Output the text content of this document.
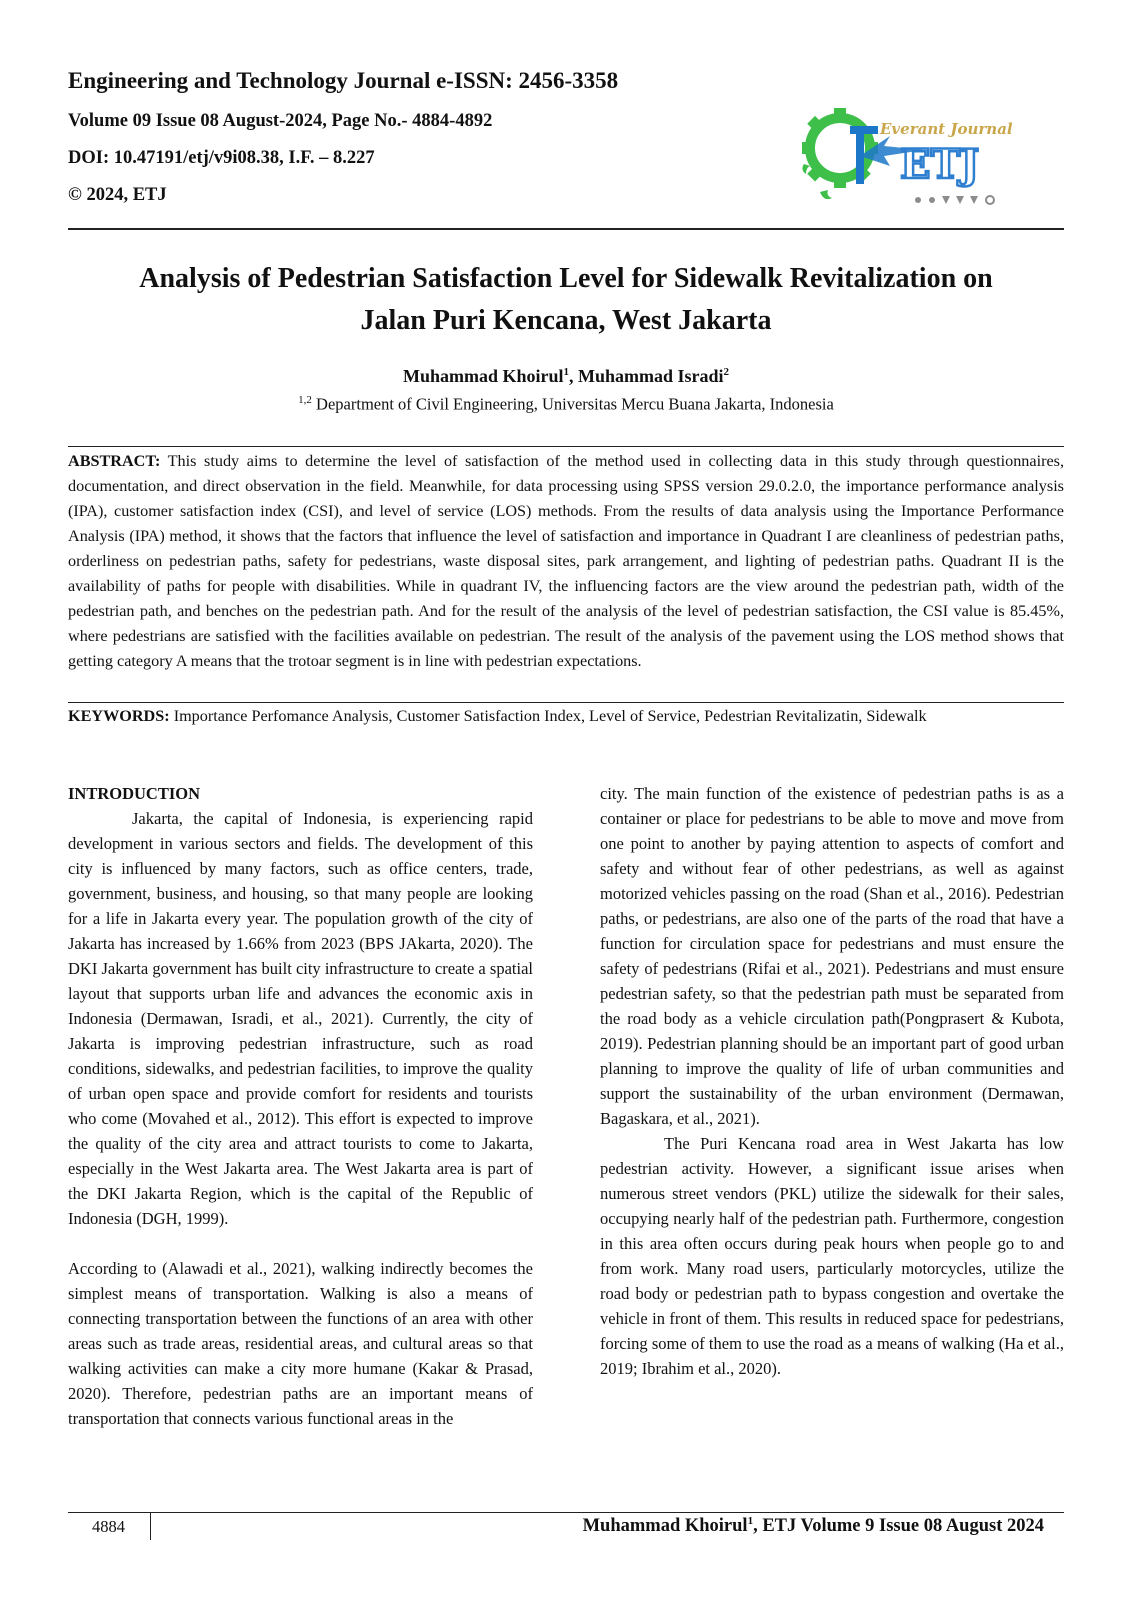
Engineering and Technology Journal e-ISSN: 2456-3358

Volume 09 Issue 08 August-2024, Page No.- 4884-4892

DOI: 10.47191/etj/v9i08.38, I.F. – 8.227

© 2024, ETJ

Everant Journal
ETJ
Analysis of Pedestrian Satisfaction Level for Sidewalk Revitalization on
Jalan Puri Kencana, West Jakarta

Muhammad Khoirul$^1$, Muhammad Isradi$^2$

$^{1,2}$ Department of Civil Engineering, Universitas Mercu Buana Jakarta, Indonesia

ABSTRACT: This study aims to determine the level of satisfaction of the method used in collecting data in this study through questionnaires, documentation, and direct observation in the field. Meanwhile, for data processing using SPSS version 29.0.2.0, the importance performance analysis (IPA), customer satisfaction index (CSI), and level of service (LOS) methods. From the results of data analysis using the Importance Performance Analysis (IPA) method, it shows that the factors that influence the level of satisfaction and importance in Quadrant I are cleanliness of pedestrian paths, orderliness on pedestrian paths, safety for pedestrians, waste disposal sites, park arrangement, and lighting of pedestrian paths. Quadrant II is the availability of paths for people with disabilities. While in quadrant IV, the influencing factors are the view around the pedestrian path, width of the pedestrian path, and benches on the pedestrian path. And for the result of the analysis of the level of pedestrian satisfaction, the CSI value is 85.45%, where pedestrians are satisfied with the facilities available on pedestrian. The result of the analysis of the pavement using the LOS method shows that getting category A means that the trotoar segment is in line with pedestrian expectations.

KEYWORDS: Importance Perfomance Analysis, Customer Satisfaction Index, Level of Service, Pedestrian Revitalizatin, Sidewalk

INTRODUCTION

Jakarta, the capital of Indonesia, is experiencing rapid development in various sectors and fields. The development of this city is influenced by many factors, such as office centers, trade, government, business, and housing, so that many people are looking for a life in Jakarta every year. The population growth of the city of Jakarta has increased by 1.66% from 2023 (BPS JAkarta, 2020). The DKI Jakarta government has built city infrastructure to create a spatial layout that supports urban life and advances the economic axis in Indonesia (Dermawan, Isradi, et al., 2021). Currently, the city of Jakarta is improving pedestrian infrastructure, such as road conditions, sidewalks, and pedestrian facilities, to improve the quality of urban open space and provide comfort for residents and tourists who come (Movahed et al., 2012). This effort is expected to improve the quality of the city area and attract tourists to come to Jakarta, especially in the West Jakarta area. The West Jakarta area is part of the DKI Jakarta Region, which is the capital of the Republic of Indonesia (DGH, 1999).

According to (Alawadi et al., 2021), walking indirectly becomes the simplest means of transportation. Walking is also a means of connecting transportation between the functions of an area with other areas such as trade areas, residential areas, and cultural areas so that walking activities can make a city more humane (Kakar & Prasad, 2020). Therefore, pedestrian paths are an important means of transportation that connects various functional areas in the

city. The main function of the existence of pedestrian paths is as a container or place for pedestrians to be able to move and move from one point to another by paying attention to aspects of comfort and safety and without fear of other pedestrians, as well as against motorized vehicles passing on the road (Shan et al., 2016). Pedestrian paths, or pedestrians, are also one of the parts of the road that have a function for circulation space for pedestrians and must ensure the safety of pedestrians (Rifai et al., 2021). Pedestrians and must ensure pedestrian safety, so that the pedestrian path must be separated from the road body as a vehicle circulation path(Pongprasert & Kubota, 2019). Pedestrian planning should be an important part of good urban planning to improve the quality of life of urban communities and support the sustainability of the urban environment (Dermawan, Bagaskara, et al., 2021).

The Puri Kencana road area in West Jakarta has low pedestrian activity. However, a significant issue arises when numerous street vendors (PKL) utilize the sidewalk for their sales, occupying nearly half of the pedestrian path. Furthermore, congestion in this area often occurs during peak hours when people go to and from work. Many road users, particularly motorcycles, utilize the road body or pedestrian path to bypass congestion and overtake the vehicle in front of them. This results in reduced space for pedestrians, forcing some of them to use the road as a means of walking (Ha et al., 2019; Ibrahim et al., 2020).

4884	Muhammad Khoirul$^1$, ETJ Volume 9 Issue 08 August 2024
